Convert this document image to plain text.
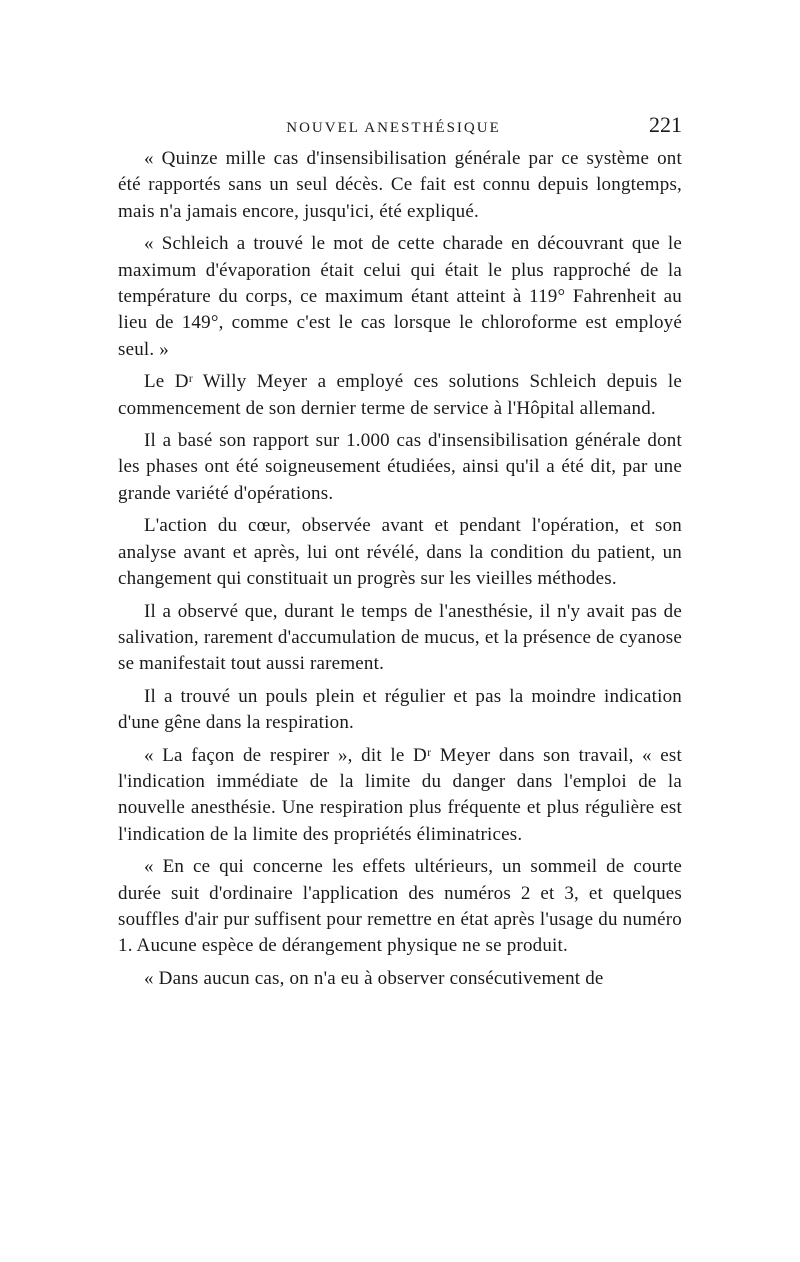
NOUVEL ANESTHÉSIQUE	221

« Quinze mille cas d'insensibilisation générale par ce système ont été rapportés sans un seul décès. Ce fait est connu depuis longtemps, mais n'a jamais encore, jusqu'ici, été expliqué.

« Schleich a trouvé le mot de cette charade en découvrant que le maximum d'évaporation était celui qui était le plus rapproché de la température du corps, ce maximum étant atteint à 119° Fahrenheit au lieu de 149°, comme c'est le cas lorsque le chloroforme est employé seul. »

Le Dʳ Willy Meyer a employé ces solutions Schleich depuis le commencement de son dernier terme de service à l'Hôpital allemand.

Il a basé son rapport sur 1.000 cas d'insensibilisation générale dont les phases ont été soigneusement étudiées, ainsi qu'il a été dit, par une grande variété d'opérations.

L'action du cœur, observée avant et pendant l'opération, et son analyse avant et après, lui ont révélé, dans la condition du patient, un changement qui constituait un progrès sur les vieilles méthodes.

Il a observé que, durant le temps de l'anesthésie, il n'y avait pas de salivation, rarement d'accumulation de mucus, et la présence de cyanose se manifestait tout aussi rarement.

Il a trouvé un pouls plein et régulier et pas la moindre indication d'une gêne dans la respiration.

« La façon de respirer », dit le Dʳ Meyer dans son travail, « est l'indication immédiate de la limite du danger dans l'emploi de la nouvelle anesthésie. Une respiration plus fréquente et plus régulière est l'indication de la limite des propriétés éliminatrices.

« En ce qui concerne les effets ultérieurs, un sommeil de courte durée suit d'ordinaire l'application des numéros 2 et 3, et quelques souffles d'air pur suffisent pour remettre en état après l'usage du numéro 1. Aucune espèce de dérangement physique ne se produit.

« Dans aucun cas, on n'a eu à observer consécutivement de
